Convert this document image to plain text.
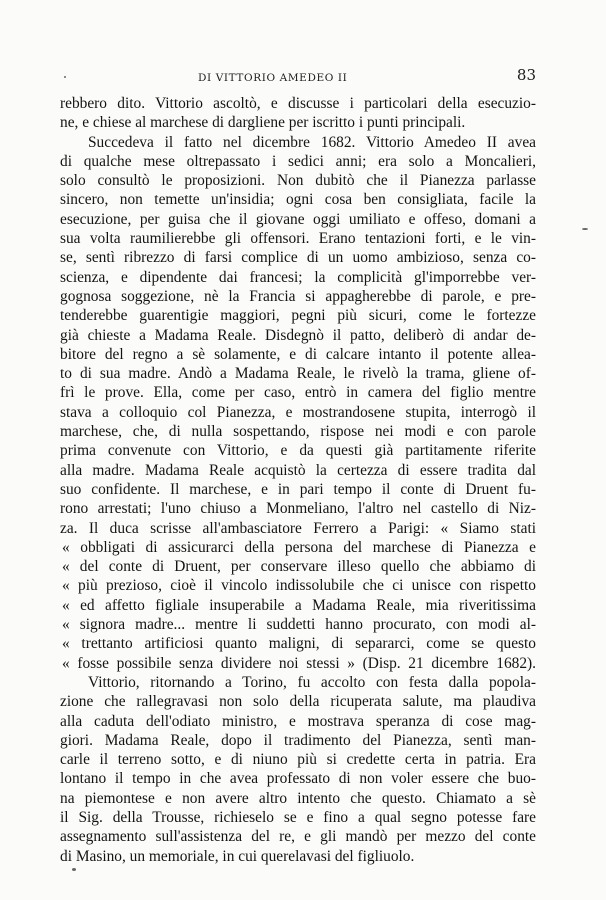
DI VITTORIO AMEDEO II	83
rebbero dito. Vittorio ascoltò, e discusse i particolari della esecuzio-
ne, e chiese al marchese di dargliene per iscritto i punti principali.
Succedeva il fatto nel dicembre 1682. Vittorio Amedeo II avea
di qualche mese oltrepassato i sedici anni; era solo a Moncalieri,
solo consultò le proposizioni. Non dubitò che il Pianezza parlasse
sincero, non temette un'insidia; ogni cosa ben consigliata, facile la
esecuzione, per guisa che il giovane oggi umiliato e offeso, domani a
sua volta raumilierebbe gli offensori. Erano tentazioni forti, e le vin-
se, sentì ribrezzo di farsi complice di un uomo ambizioso, senza co-
scienza, e dipendente dai francesi; la complicità gl'imporrebbe ver-
gognosa soggezione, nè la Francia si appagherebbe di parole, e pre-
tenderebbe guarentigie maggiori, pegni più sicuri, come le fortezze
già chieste a Madama Reale. Disdegnò il patto, deliberò di andar de-
bitore del regno a sè solamente, e di calcare intanto il potente allea-
to di sua madre. Andò a Madama Reale, le rivelò la trama, gliene of-
frì le prove. Ella, come per caso, entrò in camera del figlio mentre
stava a colloquio col Pianezza, e mostrandosene stupita, interrogò il
marchese, che, di nulla sospettando, rispose nei modi e con parole
prima convenute con Vittorio, e da questi già partitamente riferite
alla madre. Madama Reale acquistò la certezza di essere tradita dal
suo confidente. Il marchese, e in pari tempo il conte di Druent fu-
rono arrestati; l'uno chiuso a Monmeliano, l'altro nel castello di Niz-
za. Il duca scrisse all'ambasciatore Ferrero a Parigi: « Siamo stati
« obbligati di assicurarci della persona del marchese di Pianezza e
« del conte di Druent, per conservare illeso quello che abbiamo di
« più prezioso, cioè il vincolo indissolubile che ci unisce con rispetto
« ed affetto figliale insuperabile a Madama Reale, mia riveritissima
« signora madre... mentre li suddetti hanno procurato, con modi al-
« trettanto artificiosi quanto maligni, di separarci, come se questo
« fosse possibile senza dividere noi stessi » (Disp. 21 dicembre 1682).
Vittorio, ritornando a Torino, fu accolto con festa dalla popola-
zione che rallegravasi non solo della ricuperata salute, ma plaudiva
alla caduta dell'odiato ministro, e mostrava speranza di cose mag-
giori. Madama Reale, dopo il tradimento del Pianezza, sentì man-
carle il terreno sotto, e di niuno più si credette certa in patria. Era
lontano il tempo in che avea professato di non voler essere che buo-
na piemontese e non avere altro intento che questo. Chiamato a sè
il Sig. della Trousse, richieselo se e fino a qual segno potesse fare
assegnamento sull'assistenza del re, e gli mandò per mezzo del conte
di Masino, un memoriale, in cui querelavasi del figliuolo.
